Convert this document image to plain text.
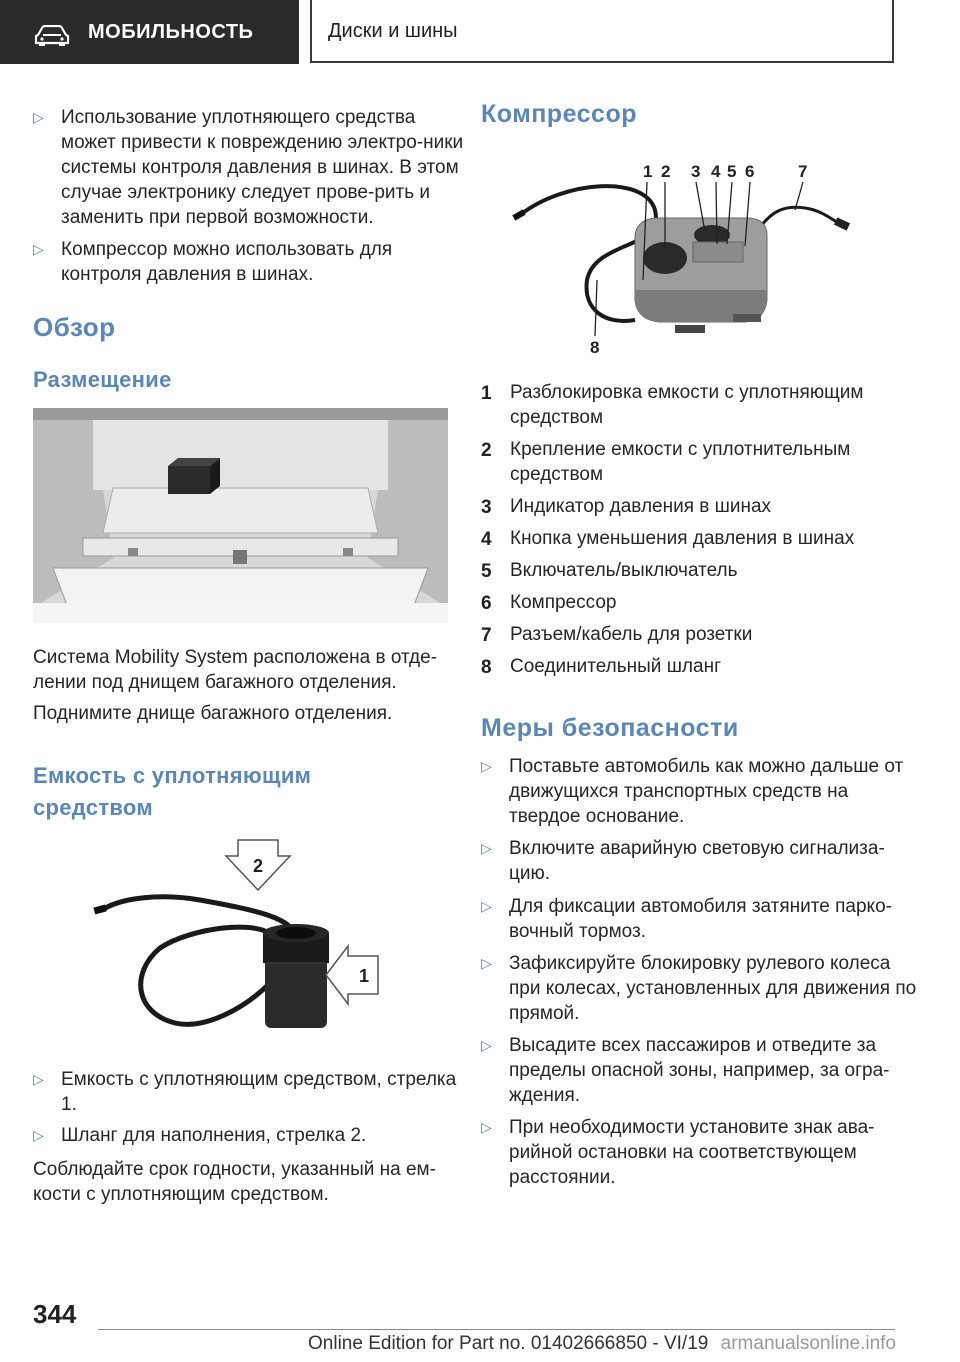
МОБИЛЬНОСТЬ	Диски и шины
▷ Использование уплотняющего средства может привести к повреждению электро-ники системы контроля давления в шинах. В этом случае электронику следует прове-рить и заменить при первой возможности.
▷ Компрессор можно использовать для контроля давления в шинах.
Обзор
Размещение
Система Mobility System расположена в отде-лении под днищем багажного отделения.
Поднимите днище багажного отделения.
Емкость с уплотняющим средством
2
1
▷ Емкость с уплотняющим средством, стрелка 1.
▷ Шланг для наполнения, стрелка 2.
Соблюдайте срок годности, указанный на ем-кости с уплотняющим средством.
Компрессор
1 2 3 4 5 6	7
8
1 Разблокировка емкости с уплотняющим средством
2 Крепление емкости с уплотнительным средством
3 Индикатор давления в шинах
4 Кнопка уменьшения давления в шинах
5 Включатель/выключатель
6 Компрессор
7 Разъем/кабель для розетки
8 Соединительный шланг
Меры безопасности
▷ Поставьте автомобиль как можно дальше от движущихся транспортных средств на твердое основание.
▷ Включите аварийную световую сигнализа-цию.
▷ Для фиксации автомобиля затяните парко-вочный тормоз.
▷ Зафиксируйте блокировку рулевого колеса при колесах, установленных для движения по прямой.
▷ Высадите всех пассажиров и отведите за пределы опасной зоны, например, за огра-ждения.
▷ При необходимости установите знак ава-рийной остановки на соответствующем расстоянии.
344
Online Edition for Part no. 01402666850 - VI/19 armanualsonline.info
